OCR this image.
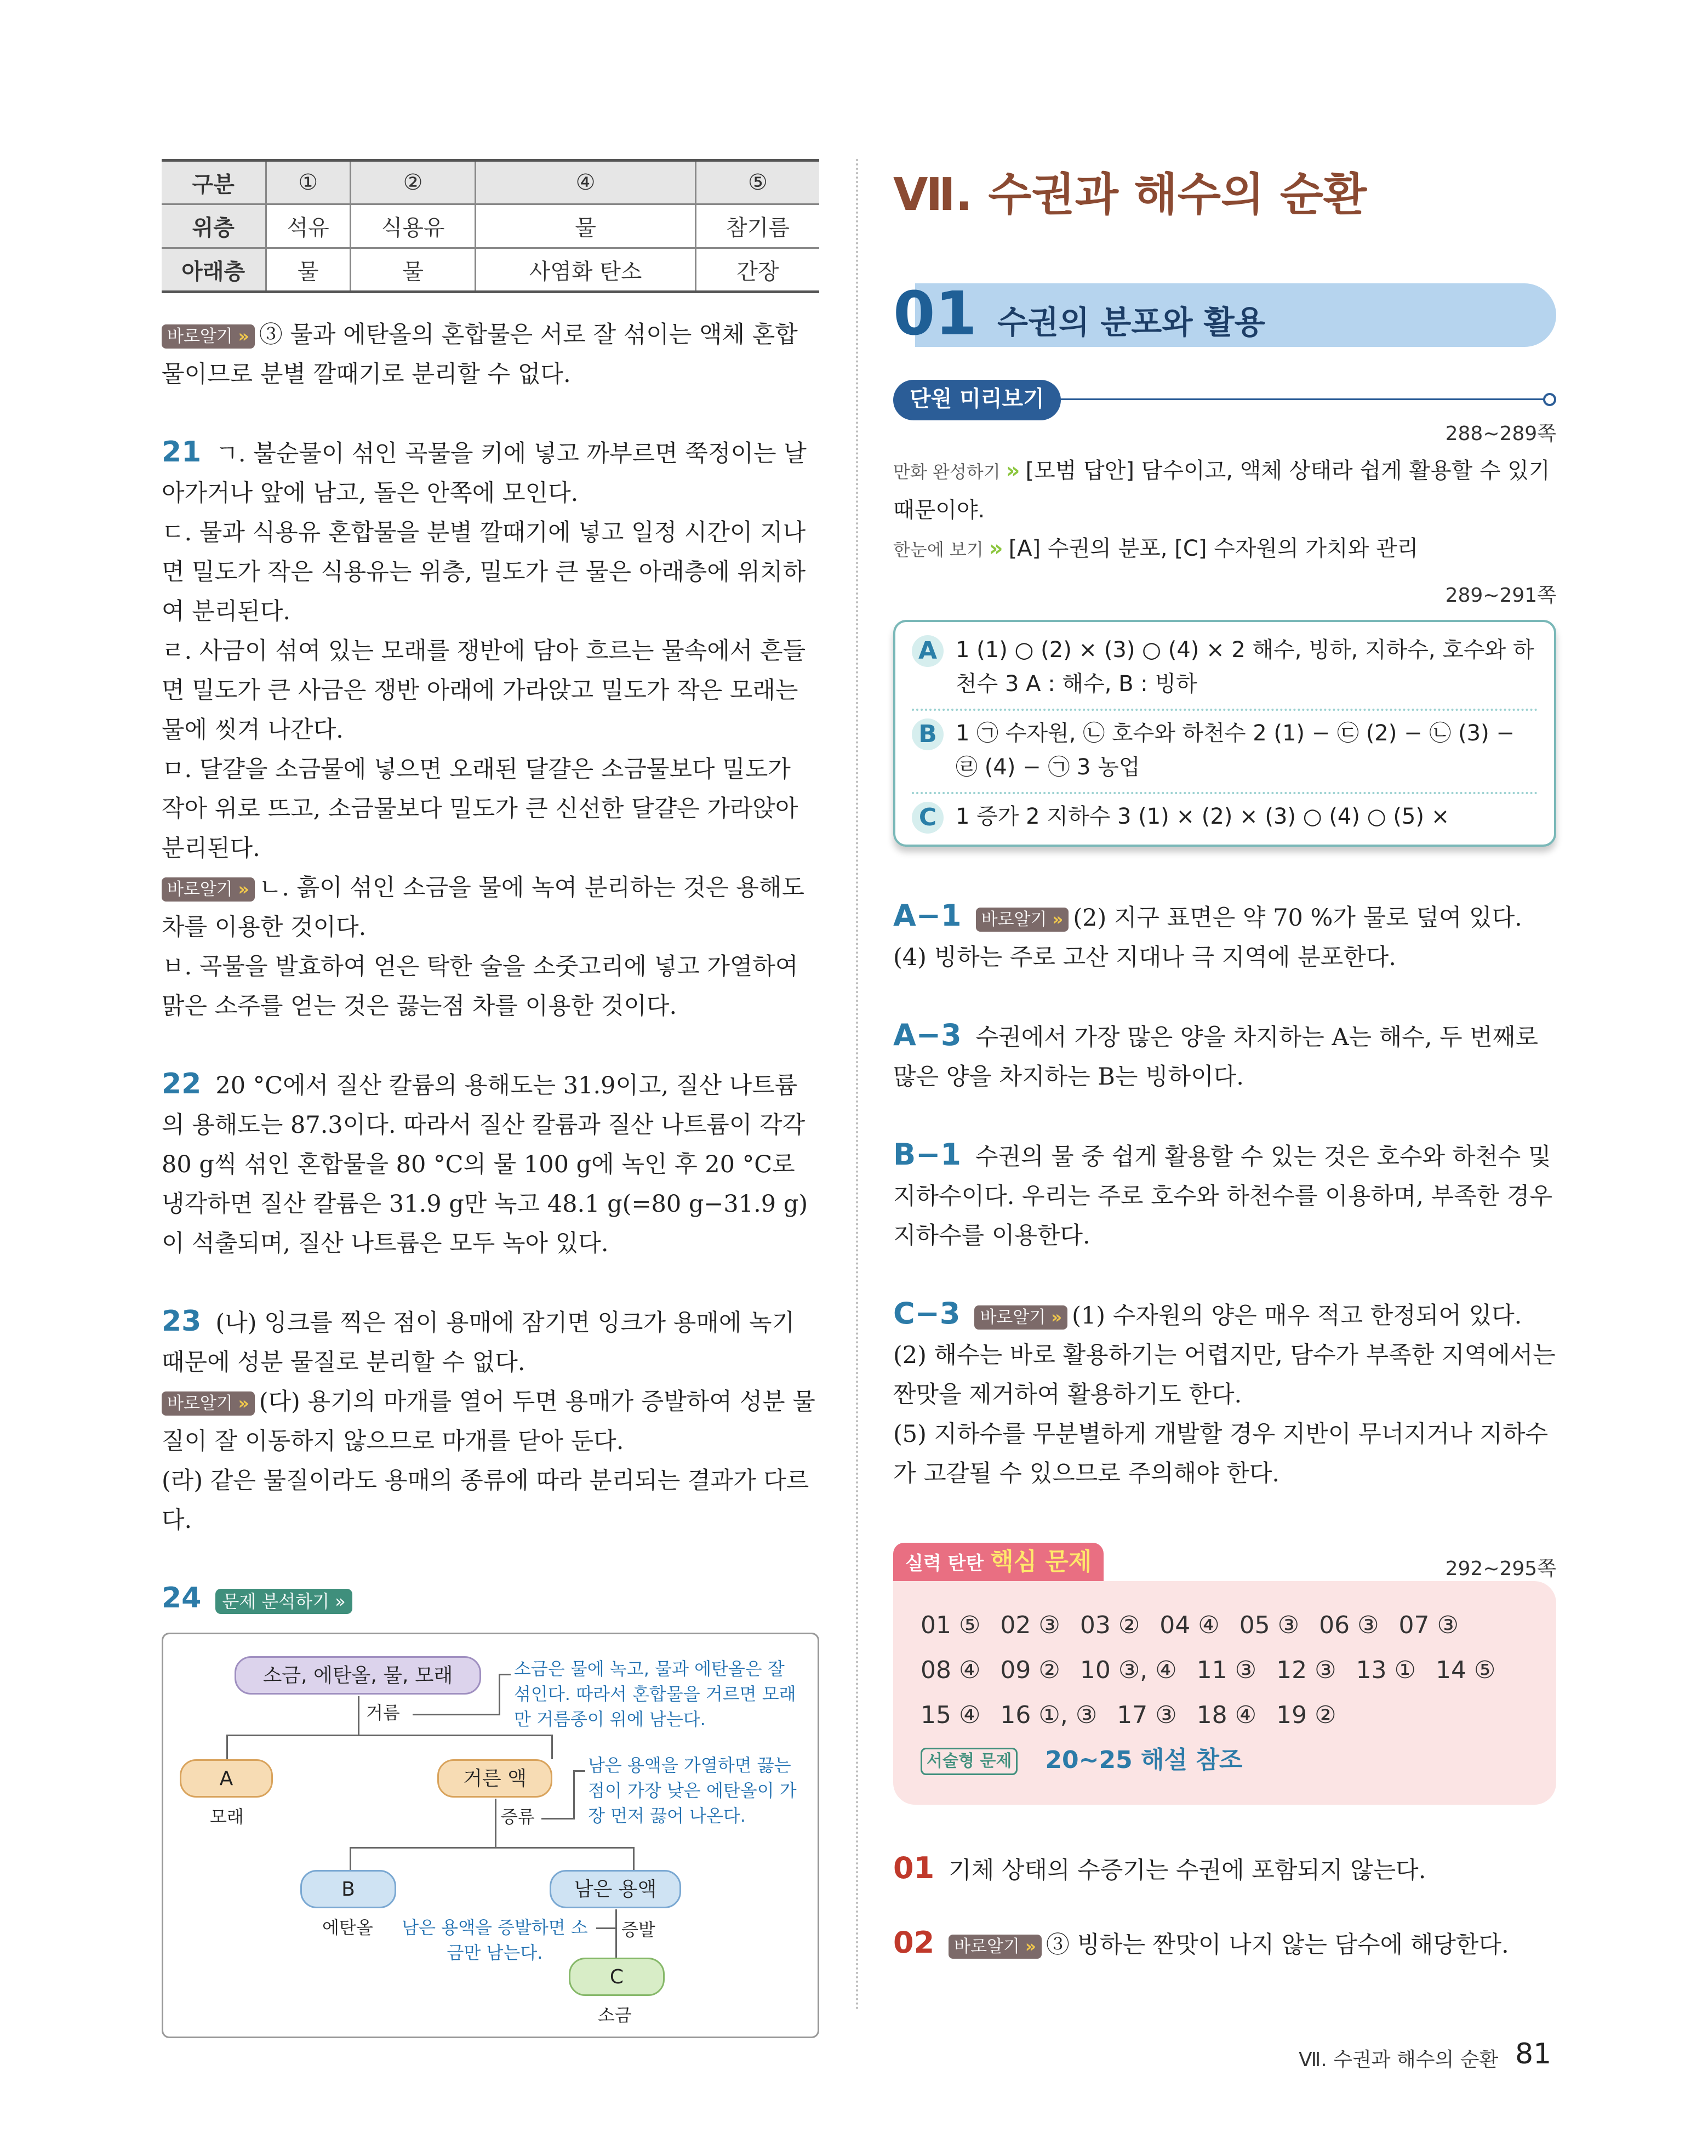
구분	①	②	④	⑤
위층	석유	식용유	물	참기름
아래층	물	물	사염화 탄소	간장

바로알기 » ③ 물과 에탄올의 혼합물은 서로 잘 섞이는 액체 혼합물이므로 분별 깔때기로 분리할 수 없다.

21 ㄱ. 불순물이 섞인 곡물을 키에 넣고 까부르면 쭉정이는 날아가거나 앞에 남고, 돌은 안쪽에 모인다.

ㄷ. 물과 식용유 혼합물을 분별 깔때기에 넣고 일정 시간이 지나면 밀도가 작은 식용유는 위층, 밀도가 큰 물은 아래층에 위치하여 분리된다.

ㄹ. 사금이 섞여 있는 모래를 쟁반에 담아 흐르는 물속에서 흔들면 밀도가 큰 사금은 쟁반 아래에 가라앉고 밀도가 작은 모래는 물에 씻겨 나간다.

ㅁ. 달걀을 소금물에 넣으면 오래된 달걀은 소금물보다 밀도가 작아 위로 뜨고, 소금물보다 밀도가 큰 신선한 달걀은 가라앉아 분리된다.

바로알기 » ㄴ. 흙이 섞인 소금을 물에 녹여 분리하는 것은 용해도 차를 이용한 것이다.

ㅂ. 곡물을 발효하여 얻은 탁한 술을 소줏고리에 넣고 가열하여 맑은 소주를 얻는 것은 끓는점 차를 이용한 것이다.

22 20 °C에서 질산 칼륨의 용해도는 31.9이고, 질산 나트륨의 용해도는 87.3이다. 따라서 질산 칼륨과 질산 나트륨이 각각 80 g씩 섞인 혼합물을 80 °C의 물 100 g에 녹인 후 20 °C로 냉각하면 질산 칼륨은 31.9 g만 녹고 48.1 g(=80 g−31.9 g)이 석출되며, 질산 나트륨은 모두 녹아 있다.

23 (나) 잉크를 찍은 점이 용매에 잠기면 잉크가 용매에 녹기 때문에 성분 물질로 분리할 수 없다.

바로알기 » (다) 용기의 마개를 열어 두면 용매가 증발하여 성분 물질이 잘 이동하지 않으므로 마개를 닫아 둔다.

(라) 같은 물질이라도 용매의 종류에 따라 분리되는 결과가 다르다.

24 문제 분석하기 »

소금, 에탄올, 물, 모래
거름
소금은 물에 녹고, 물과 에탄올은 잘 섞인다. 따라서 혼합물을 거르면 모래만 거름종이 위에 남는다.
A
모래
거른 액
증류
남은 용액을 가열하면 끓는점이 가장 낮은 에탄올이 가장 먼저 끓어 나온다.
B
에탄올
남은 용액
증발
남은 용액을 증발하면 소금만 남는다.
C
소금
Ⅶ. 수권과 해수의 순환
01 수권의 분포와 활용
단원 미리보기
288~289쪽

만화 완성하기 » [모범 답안] 담수이고, 액체 상태라 쉽게 활용할 수 있기 때문이야.

한눈에 보기 » [A] 수권의 분포, [C] 수자원의 가치와 관리

289~291쪽
A 1 (1) ○ (2) × (3) ○ (4) × 2 해수, 빙하, 지하수, 호수와 하천수 3 A : 해수, B : 빙하
B 1 ㉠ 수자원, ㉡ 호수와 하천수 2 (1) − ㉢ (2) − ㉡ (3) − ㉣ (4) − ㉠ 3 농업
C 1 증가 2 지하수 3 (1) × (2) × (3) ○ (4) ○ (5) ×

A−1 바로알기 » (2) 지구 표면은 약 70 %가 물로 덮여 있다.

(4) 빙하는 주로 고산 지대나 극 지역에 분포한다.

A−3 수권에서 가장 많은 양을 차지하는 A는 해수, 두 번째로 많은 양을 차지하는 B는 빙하이다.

B−1 수권의 물 중 쉽게 활용할 수 있는 것은 호수와 하천수 및 지하수이다. 우리는 주로 호수와 하천수를 이용하며, 부족한 경우 지하수를 이용한다.

C−3 바로알기 » (1) 수자원의 양은 매우 적고 한정되어 있다.

(2) 해수는 바로 활용하기는 어렵지만, 담수가 부족한 지역에서는 짠맛을 제거하여 활용하기도 한다.

(5) 지하수를 무분별하게 개발할 경우 지반이 무너지거나 지하수가 고갈될 수 있으므로 주의해야 한다.

실력 탄탄 핵심 문제	292~295쪽
01 ⑤ 02 ③ 03 ② 04 ④ 05 ③ 06 ③ 07 ③
08 ④ 09 ② 10 ③, ④ 11 ③ 12 ③ 13 ① 14 ⑤
15 ④ 16 ①, ③ 17 ③ 18 ④ 19 ②

서술형 문제 20~25 해설 참조

01 기체 상태의 수증기는 수권에 포함되지 않는다.

02 바로알기 » ③ 빙하는 짠맛이 나지 않는 담수에 해당한다.

Ⅶ. 수권과 해수의 순환 81
